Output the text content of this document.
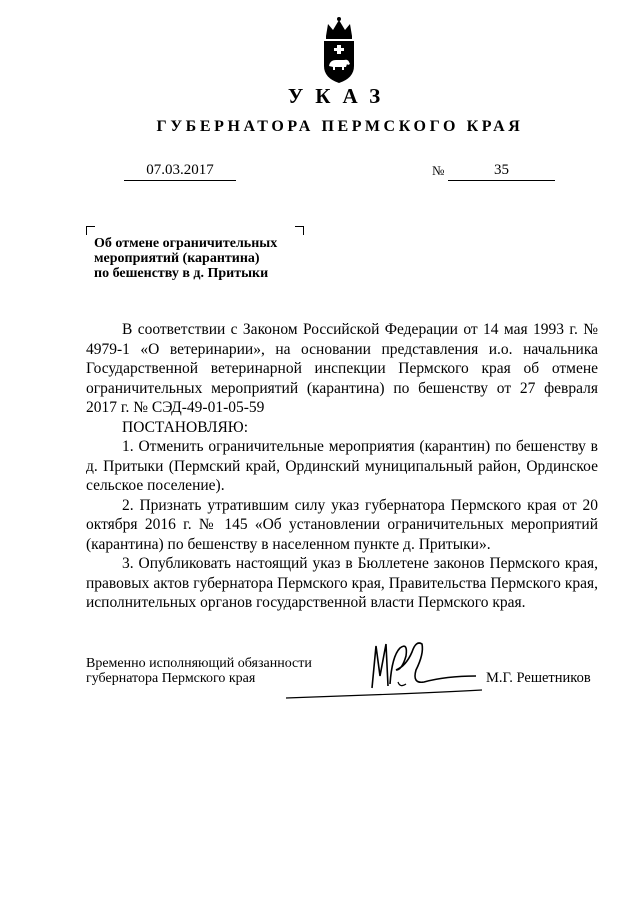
УКАЗ
ГУБЕРНАТОРА ПЕРМСКОГО КРАЯ
07.03.2017	№	35
Об отмене ограничительных
мероприятий (карантина)
по бешенству в д. Притыки

В соответствии с Законом Российской Федерации от 14 мая 1993 г. № 4979-1 «О ветеринарии», на основании представления и.о. начальника Государственной ветеринарной инспекции Пермского края об отмене ограничительных мероприятий (карантина) по бешенству от 27 февраля 2017 г. № СЭД-49-01-05-59

ПОСТАНОВЛЯЮ:

1. Отменить ограничительные мероприятия (карантин) по бешенству в д. Притыки (Пермский край, Ординский муниципальный район, Ординское сельское поселение).

2. Признать утратившим силу указ губернатора Пермского края от 20 октября 2016 г. № 145 «Об установлении ограничительных мероприятий (карантина) по бешенству в населенном пункте д. Притыки».

3. Опубликовать настоящий указ в Бюллетене законов Пермского края, правовых актов губернатора Пермского края, Правительства Пермского края, исполнительных органов государственной власти Пермского края.

Временно исполняющий обязанности
губернатора Пермского края	М.Г. Решетников
